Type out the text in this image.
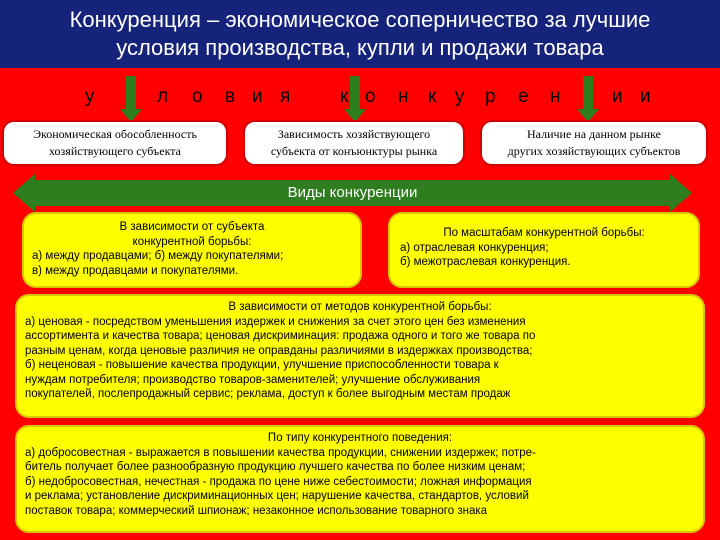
Конкуренция – экономическое соперничество за лучшие
условия производства, купли и продажи товара
у	л о в и я	к о н к у р е н	и и
Экономическая обособленность
хозяйствующего субъекта
Зависимость хозяйствующего
субъекта от конъюнктуры рынка
Наличие на данном рынке
других хозяйствующих субъектов
Виды конкуренции
В зависимости от субъекта
конкурентной борьбы:
а) между продавцами; б) между покупателями;
в) между продавцами и покупателями.
По масштабам конкурентной борьбы:
а) отраслевая конкуренция;
б) межотраслевая конкуренция.
В зависимости от методов конкурентной борьбы:
а) ценовая - посредством уменьшения издержек и снижения за счет этого цен без изменения
ассортимента и качества товара; ценовая дискриминация: продажа одного и того же товара по
разным ценам, когда ценовые различия не оправданы различиями в издержках производства;
б) неценовая - повышение качества продукции, улучшение приспособленности товара к
нуждам потребителя; производство товаров-заменителей; улучшение обслуживания
покупателей, послепродажный сервис; реклама, доступ к более выгодным местам продаж
По типу конкурентного поведения:
а) добросовестная - выражается в повышении качества продукции, снижении издержек; потре-
битель получает более разнообразную продукцию лучшего качества по более низким ценам;
б) недобросовестная, нечестная - продажа по цене ниже себестоимости; ложная информация
и реклама; установление дискриминационных цен; нарушение качества, стандартов, условий
поставок товара; коммерческий шпионаж; незаконное использование товарного знака
